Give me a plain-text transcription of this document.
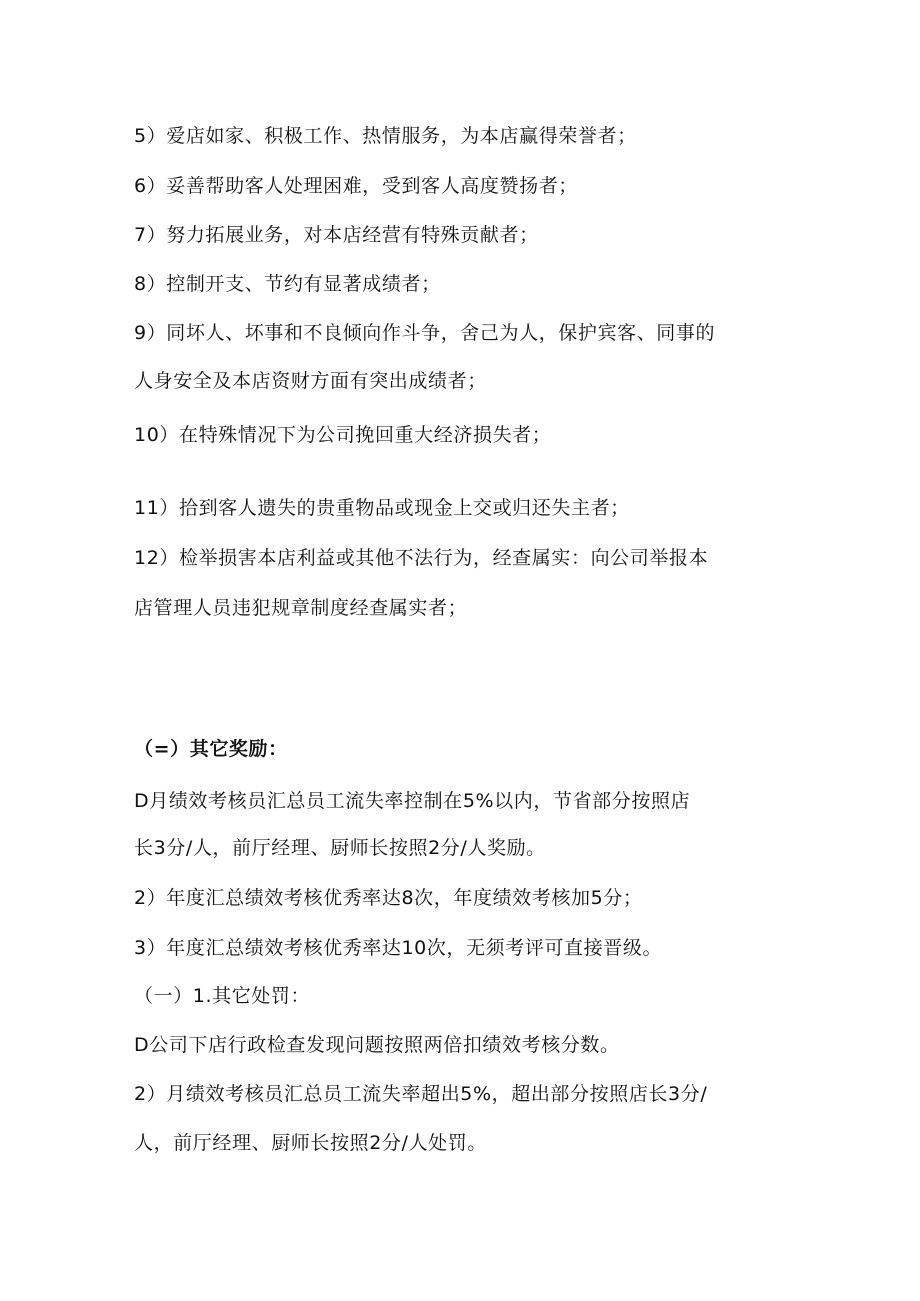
5）爱店如家、积极工作、热情服务，为本店赢得荣誉者；
6）妥善帮助客人处理困难，受到客人高度赞扬者；
7）努力拓展业务，对本店经营有特殊贡献者；
8）控制开支、节约有显著成绩者；
9）同坏人、坏事和不良倾向作斗争，舍己为人，保护宾客、同事的
人身安全及本店资财方面有突出成绩者；
10）在特殊情况下为公司挽回重大经济损失者；
11）拾到客人遗失的贵重物品或现金上交或归还失主者；
12）检举损害本店利益或其他不法行为，经查属实：向公司举报本
店管理人员违犯规章制度经查属实者；
（=）其它奖励：
D月绩效考核员汇总员工流失率控制在5%以内，节省部分按照店
长3分/人，前厅经理、厨师长按照2分/人奖励。
2）年度汇总绩效考核优秀率达8次，年度绩效考核加5分；
3）年度汇总绩效考核优秀率达10次，无须考评可直接晋级。
（一）1.其它处罚：
D公司下店行政检查发现问题按照两倍扣绩效考核分数。
2）月绩效考核员汇总员工流失率超出5%，超出部分按照店长3分/
人，前厅经理、厨师长按照2分/人处罚。
